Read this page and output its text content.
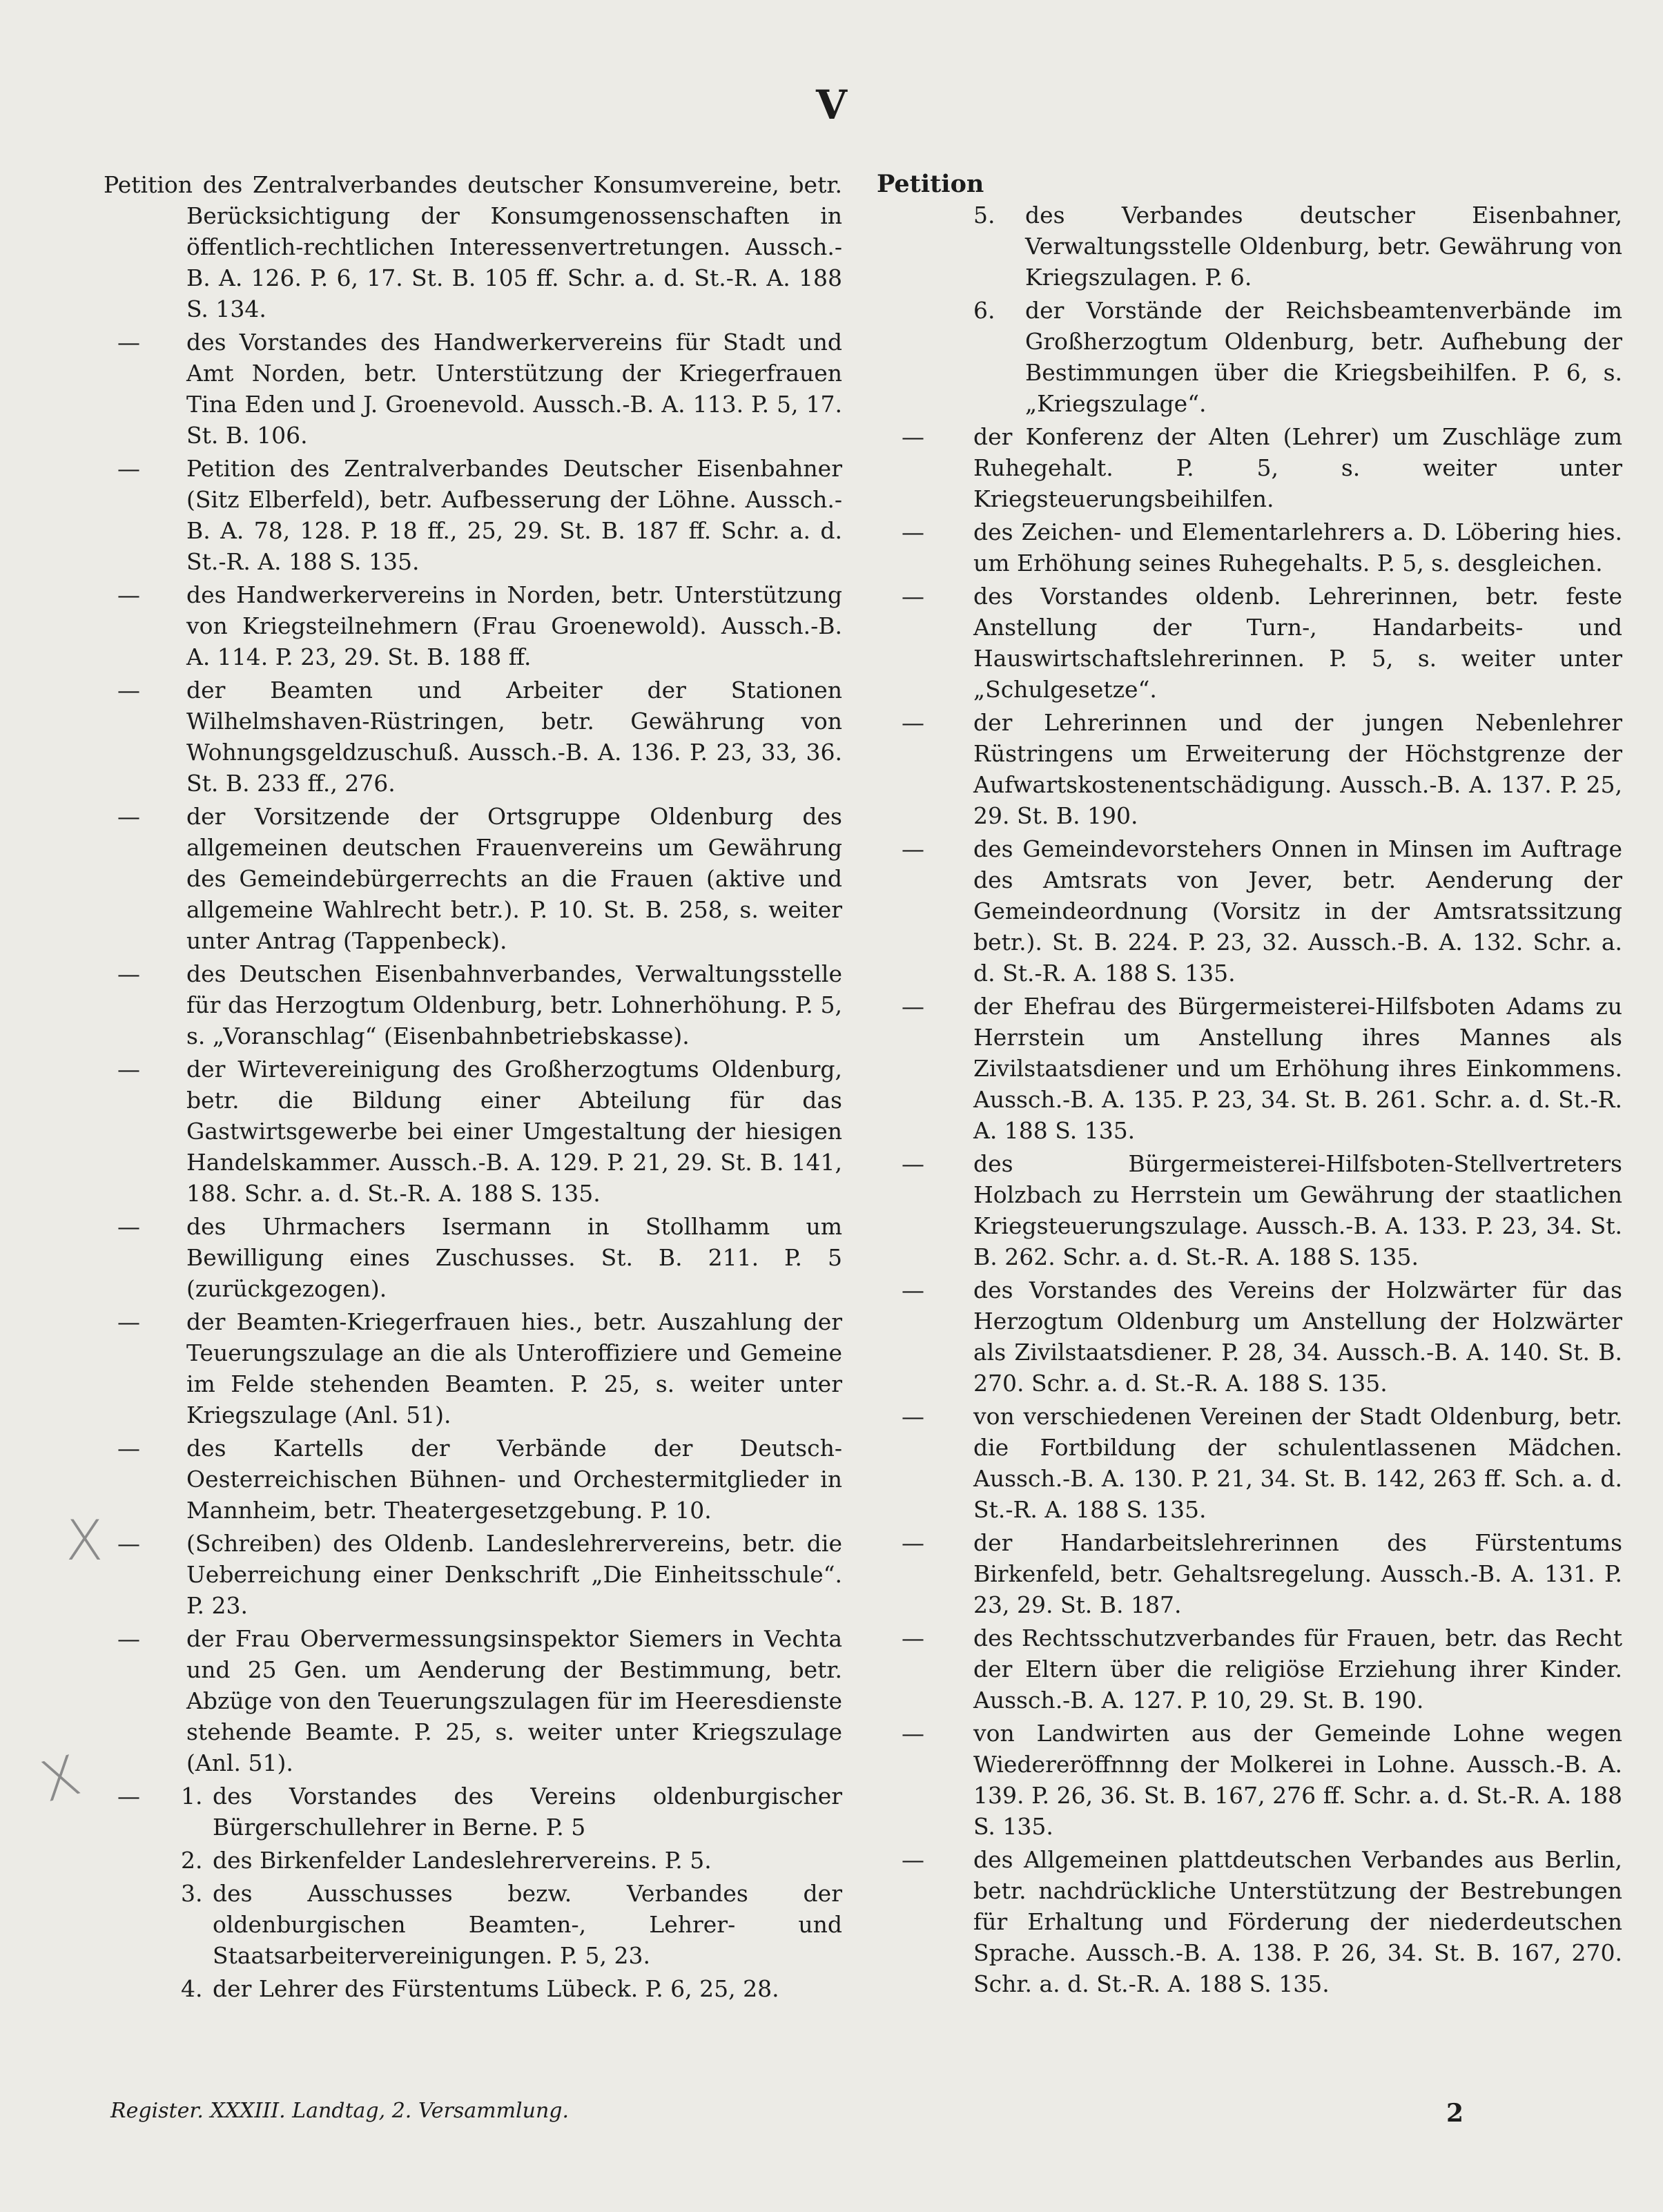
V
Petition des Zentralverbandes deutscher Konsumvereine, betr. Berücksichtigung der Konsumgenossenschaften in öffentlich-rechtlichen Interessenvertretungen. Aussch.-B. A. 126. P. 6, 17. St. B. 105 ff. Schr. a. d. St.-R. A. 188 S. 134.
— des Vorstandes des Handwerkervereins für Stadt und Amt Norden, betr. Unterstützung der Kriegerfrauen Tina Eden und J. Groenevold. Aussch.-B. A. 113. P. 5, 17. St. B. 106.
— Petition des Zentralverbandes Deutscher Eisenbahner (Sitz Elberfeld), betr. Aufbesserung der Löhne. Aussch.-B. A. 78, 128. P. 18 ff., 25, 29. St. B. 187 ff. Schr. a. d. St.-R. A. 188 S. 135.
— des Handwerkervereins in Norden, betr. Unterstützung von Kriegsteilnehmern (Frau Groenewold). Aussch.-B. A. 114. P. 23, 29. St. B. 188 ff.
— der Beamten und Arbeiter der Stationen Wilhelmshaven-Rüstringen, betr. Gewährung von Wohnungsgeldzuschuß. Aussch.-B. A. 136. P. 23, 33, 36. St. B. 233 ff., 276.
— der Vorsitzende der Ortsgruppe Oldenburg des allgemeinen deutschen Frauenvereins um Gewährung des Gemeindebürgerrechts an die Frauen (aktive und allgemeine Wahlrecht betr.). P. 10. St. B. 258, s. weiter unter Antrag (Tappenbeck).
— des Deutschen Eisenbahnverbandes, Verwaltungsstelle für das Herzogtum Oldenburg, betr. Lohnerhöhung. P. 5, s. „Voranschlag“ (Eisenbahnbetriebskasse).
— der Wirtevereinigung des Großherzogtums Oldenburg, betr. die Bildung einer Abteilung für das Gastwirtsgewerbe bei einer Umgestaltung der hiesigen Handelskammer. Aussch.-B. A. 129. P. 21, 29. St. B. 141, 188. Schr. a. d. St.-R. A. 188 S. 135.
— des Uhrmachers Isermann in Stollhamm um Bewilligung eines Zuschusses. St. B. 211. P. 5 (zurückgezogen).
— der Beamten-Kriegerfrauen hies., betr. Auszahlung der Teuerungszulage an die als Unteroffiziere und Gemeine im Felde stehenden Beamten. P. 25, s. weiter unter Kriegszulage (Anl. 51).
— des Kartells der Verbände der Deutsch-Oesterreichischen Bühnen- und Orchestermitglieder in Mannheim, betr. Theatergesetzgebung. P. 10.
— (Schreiben) des Oldenb. Landeslehrervereins, betr. die Ueberreichung einer Denkschrift „Die Einheitsschule“. P. 23.
— der Frau Obervermessungsinspektor Siemers in Vechta und 25 Gen. um Aenderung der Bestimmung, betr. Abzüge von den Teuerungszulagen für im Heeresdienste stehende Beamte. P. 25, s. weiter unter Kriegszulage (Anl. 51).
— 1. des Vorstandes des Vereins oldenburgischer Bürgerschullehrer in Berne. P. 5
2. des Birkenfelder Landeslehrervereins. P. 5.
3. des Ausschusses bezw. Verbandes der oldenburgischen Beamten-, Lehrer- und Staatsarbeitervereinigungen. P. 5, 23.
4. der Lehrer des Fürstentums Lübeck. P. 6, 25, 28.
Petition
5. des Verbandes deutscher Eisenbahner, Verwaltungsstelle Oldenburg, betr. Gewährung von Kriegszulagen. P. 6.
6. der Vorstände der Reichsbeamtenverbände im Großherzogtum Oldenburg, betr. Aufhebung der Bestimmungen über die Kriegsbeihilfen. P. 6, s. „Kriegszulage“.
— der Konferenz der Alten (Lehrer) um Zuschläge zum Ruhegehalt. P. 5, s. weiter unter Kriegsteuerungsbeihilfen.
— des Zeichen- und Elementarlehrers a. D. Löbering hies. um Erhöhung seines Ruhegehalts. P. 5, s. desgleichen.
— des Vorstandes oldenb. Lehrerinnen, betr. feste Anstellung der Turn-, Handarbeits- und Hauswirtschaftslehrerinnen. P. 5, s. weiter unter „Schulgesetze“.
— der Lehrerinnen und der jungen Nebenlehrer Rüstringens um Erweiterung der Höchstgrenze der Aufwartskostenentschädigung. Aussch.-B. A. 137. P. 25, 29. St. B. 190.
— des Gemeindevorstehers Onnen in Minsen im Auftrage des Amtsrats von Jever, betr. Aenderung der Gemeindeordnung (Vorsitz in der Amtsratssitzung betr.). St. B. 224. P. 23, 32. Aussch.-B. A. 132. Schr. a. d. St.-R. A. 188 S. 135.
— der Ehefrau des Bürgermeisterei-Hilfsboten Adams zu Herrstein um Anstellung ihres Mannes als Zivilstaatsdiener und um Erhöhung ihres Einkommens. Aussch.-B. A. 135. P. 23, 34. St. B. 261. Schr. a. d. St.-R. A. 188 S. 135.
— des Bürgermeisterei-Hilfsboten-Stellvertreters Holzbach zu Herrstein um Gewährung der staatlichen Kriegsteuerungszulage. Aussch.-B. A. 133. P. 23, 34. St. B. 262. Schr. a. d. St.-R. A. 188 S. 135.
— des Vorstandes des Vereins der Holzwärter für das Herzogtum Oldenburg um Anstellung der Holzwärter als Zivilstaatsdiener. P. 28, 34. Aussch.-B. A. 140. St. B. 270. Schr. a. d. St.-R. A. 188 S. 135.
— von verschiedenen Vereinen der Stadt Oldenburg, betr. die Fortbildung der schulentlassenen Mädchen. Aussch.-B. A. 130. P. 21, 34. St. B. 142, 263 ff. Sch. a. d. St.-R. A. 188 S. 135.
— der Handarbeitslehrerinnen des Fürstentums Birkenfeld, betr. Gehaltsregelung. Aussch.-B. A. 131. P. 23, 29. St. B. 187.
— des Rechtsschutzverbandes für Frauen, betr. das Recht der Eltern über die religiöse Erziehung ihrer Kinder. Aussch.-B. A. 127. P. 10, 29. St. B. 190.
— von Landwirten aus der Gemeinde Lohne wegen Wiedereröffnnng der Molkerei in Lohne. Aussch.-B. A. 139. P. 26, 36. St. B. 167, 276 ff. Schr. a. d. St.-R. A. 188 S. 135.
— des Allgemeinen plattdeutschen Verbandes aus Berlin, betr. nachdrückliche Unterstützung der Bestrebungen für Erhaltung und Förderung der niederdeutschen Sprache. Aussch.-B. A. 138. P. 26, 34. St. B. 167, 270. Schr. a. d. St.-R. A. 188 S. 135.
Register. XXXIII. Landtag, 2. Versammlung.	2
X
X
